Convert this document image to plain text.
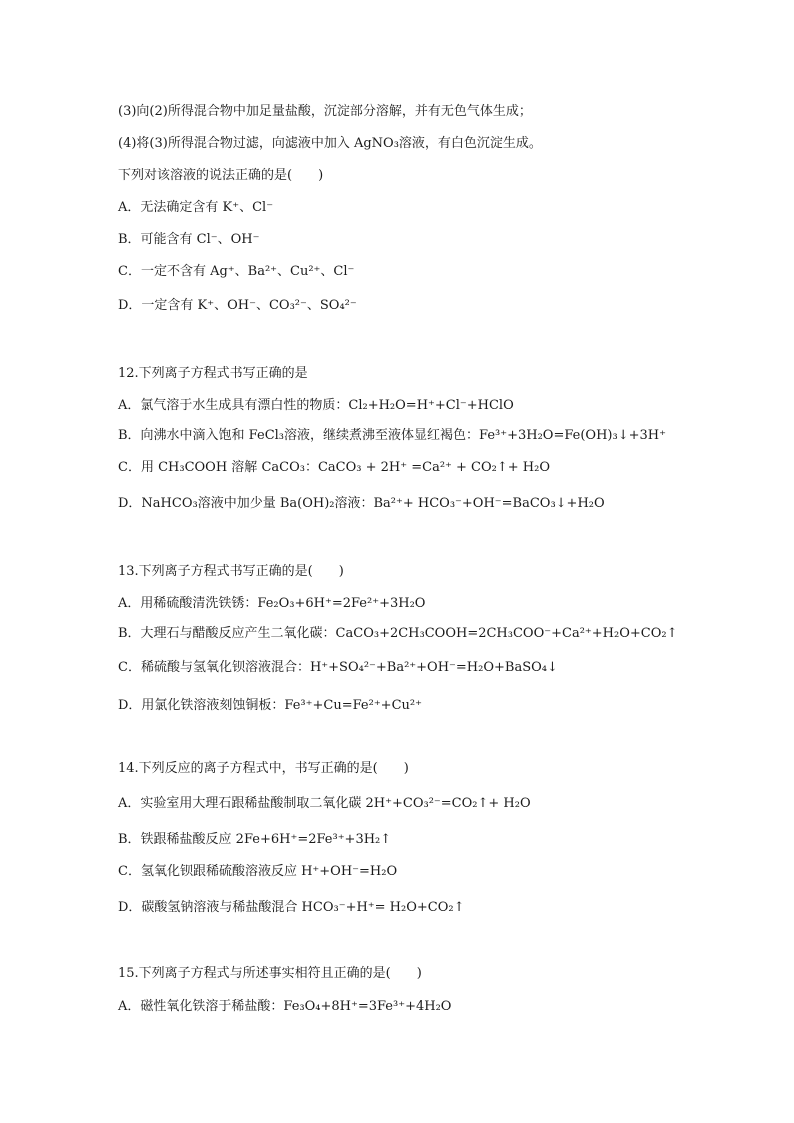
(3)向(2)所得混合物中加足量盐酸，沉淀部分溶解，并有无色气体生成；
(4)将(3)所得混合物过滤，向滤液中加入 AgNO₃溶液，有白色沉淀生成。
下列对该溶液的说法正确的是(　　)
A．无法确定含有 K⁺、Cl⁻
B．可能含有 Cl⁻、OH⁻
C．一定不含有 Ag⁺、Ba²⁺、Cu²⁺、Cl⁻
D．一定含有 K⁺、OH⁻、CO₃²⁻、SO₄²⁻
12.下列离子方程式书写正确的是
A．氯气溶于水生成具有漂白性的物质：Cl₂+H₂O=H⁺+Cl⁻+HClO
B．向沸水中滴入饱和 FeCl₃溶液，继续煮沸至液体显红褐色：Fe³⁺+3H₂O=Fe(OH)₃↓+3H⁺
C．用 CH₃COOH 溶解 CaCO₃：CaCO₃ + 2H⁺ =Ca²⁺ + CO₂↑+ H₂O
D．NaHCO₃溶液中加少量 Ba(OH)₂溶液：Ba²⁺+ HCO₃⁻+OH⁻=BaCO₃↓+H₂O
13.下列离子方程式书写正确的是(　　)
A．用稀硫酸清洗铁锈：Fe₂O₃+6H⁺=2Fe²⁺+3H₂O
B．大理石与醋酸反应产生二氧化碳：CaCO₃+2CH₃COOH=2CH₃COO⁻+Ca²⁺+H₂O+CO₂↑
C．稀硫酸与氢氧化钡溶液混合：H⁺+SO₄²⁻+Ba²⁺+OH⁻=H₂O+BaSO₄↓
D．用氯化铁溶液刻蚀铜板：Fe³⁺+Cu=Fe²⁺+Cu²⁺
14.下列反应的离子方程式中，书写正确的是(　　)
A．实验室用大理石跟稀盐酸制取二氧化碳 2H⁺+CO₃²⁻=CO₂↑+ H₂O
B．铁跟稀盐酸反应 2Fe+6H⁺=2Fe³⁺+3H₂↑
C．氢氧化钡跟稀硫酸溶液反应 H⁺+OH⁻=H₂O
D．碳酸氢钠溶液与稀盐酸混合 HCO₃⁻+H⁺= H₂O+CO₂↑
15.下列离子方程式与所述事实相符且正确的是(　　)
A．磁性氧化铁溶于稀盐酸：Fe₃O₄+8H⁺=3Fe³⁺+4H₂O
